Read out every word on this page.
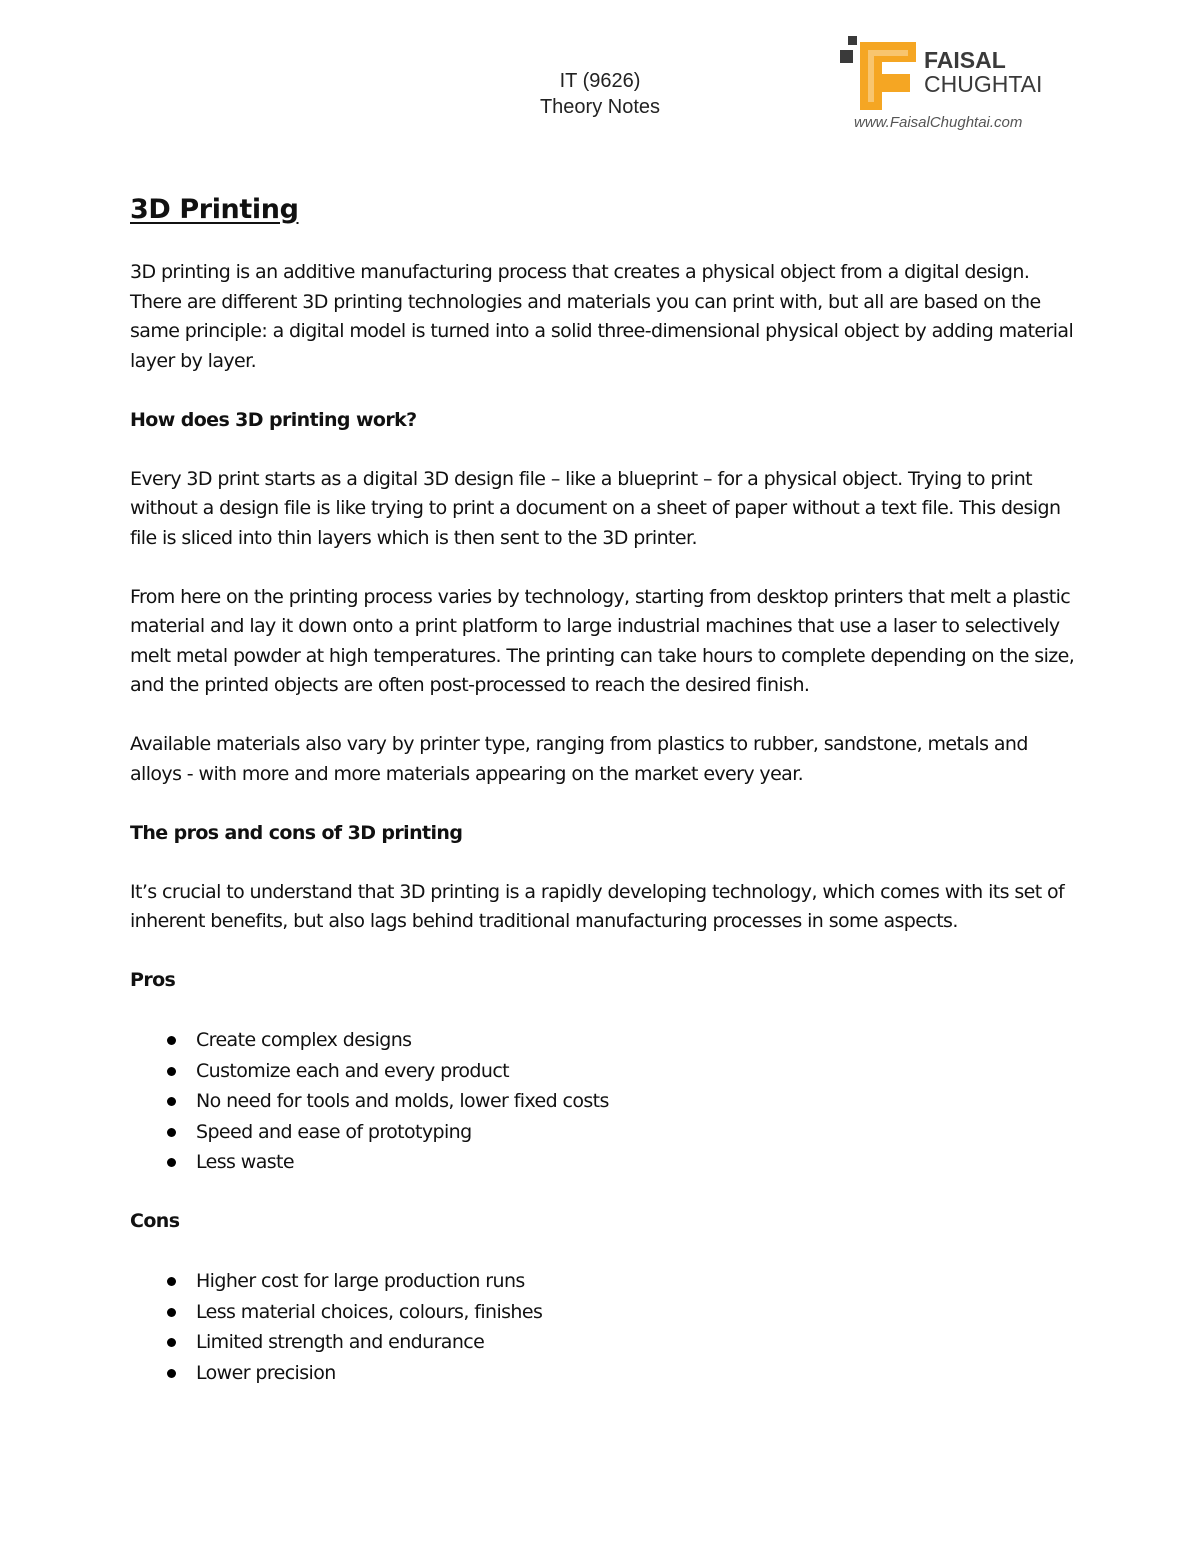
IT (9626)
Theory Notes
FAISAL
CHUGHTAI
www.FaisalChughtai.com
3D Printing

3D printing is an additive manufacturing process that creates a physical object from a digital design. There are different 3D printing technologies and materials you can print with, but all are based on the same principle: a digital model is turned into a solid three-dimensional physical object by adding material layer by layer.

How does 3D printing work?

Every 3D print starts as a digital 3D design file – like a blueprint – for a physical object. Trying to print without a design file is like trying to print a document on a sheet of paper without a text file. This design file is sliced into thin layers which is then sent to the 3D printer.

From here on the printing process varies by technology, starting from desktop printers that melt a plastic material and lay it down onto a print platform to large industrial machines that use a laser to selectively melt metal powder at high temperatures. The printing can take hours to complete depending on the size, and the printed objects are often post-processed to reach the desired finish.

Available materials also vary by printer type, ranging from plastics to rubber, sandstone, metals and alloys - with more and more materials appearing on the market every year.

The pros and cons of 3D printing

It’s crucial to understand that 3D printing is a rapidly developing technology, which comes with its set of inherent benefits, but also lags behind traditional manufacturing processes in some aspects.

Pros
Create complex designs
Customize each and every product
No need for tools and molds, lower fixed costs
Speed and ease of prototyping
Less waste
Cons
Higher cost for large production runs
Less material choices, colours, finishes
Limited strength and endurance
Lower precision
